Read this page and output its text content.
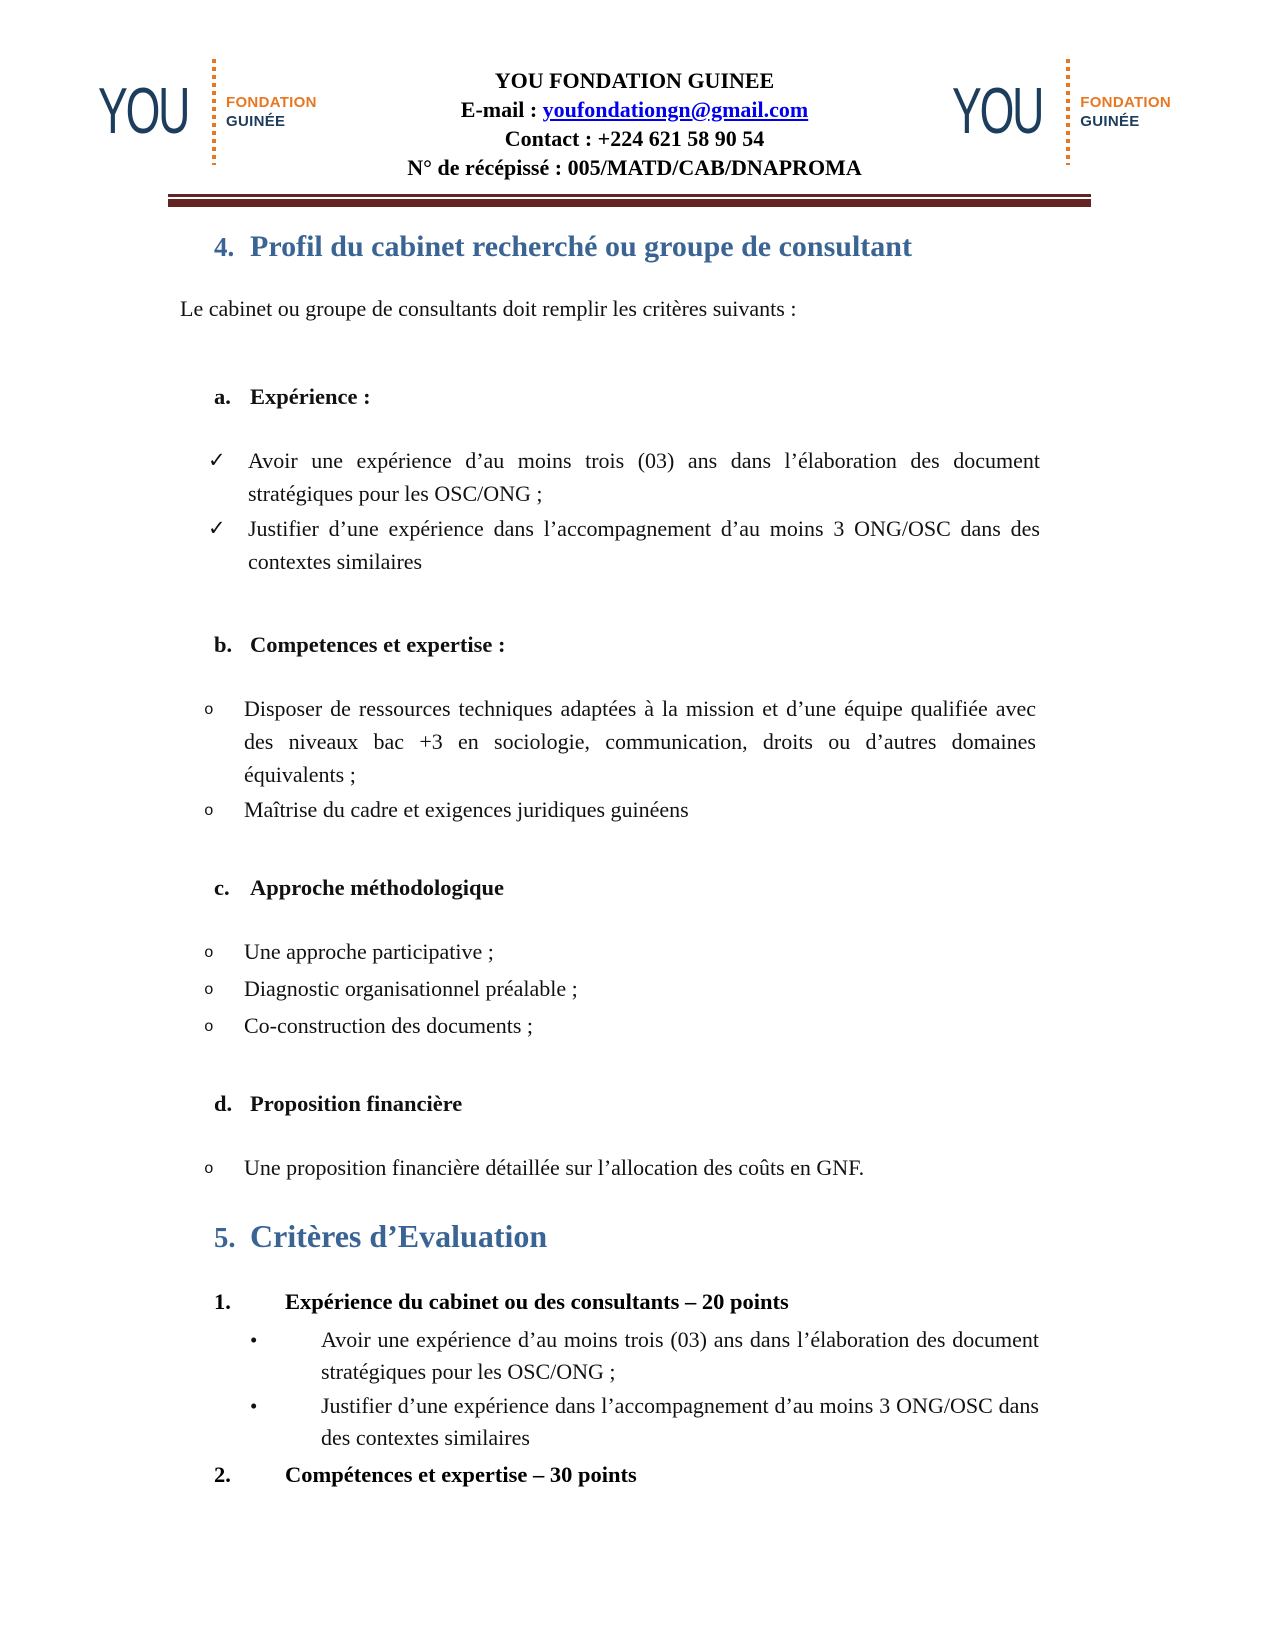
YOU	FONDATION
GUINÉE
YOU FONDATION GUINEE
E-mail : youfondationgn@gmail.com
Contact : +224 621 58 90 54
N° de récépissé : 005/MATD/CAB/DNAPROMA
YOU	FONDATION
GUINÉE
4. Profil du cabinet recherché ou groupe de consultant

Le cabinet ou groupe de consultants doit remplir les critères suivants :

a. Expérience :
✓	Avoir une expérience d’au moins trois (03) ans dans l’élaboration des document stratégiques pour les OSC/ONG ;
✓	Justifier d’une expérience dans l’accompagnement d’au moins 3 ONG/OSC dans des contextes similaires
b. Competences et expertise :
o	Disposer de ressources techniques adaptées à la mission et d’une équipe qualifiée avec des niveaux bac +3 en sociologie, communication, droits ou d’autres domaines équivalents ;
o	Maîtrise du cadre et exigences juridiques guinéens
c. Approche méthodologique
o	Une approche participative ;
o	Diagnostic organisationnel préalable ;
o	Co-construction des documents ;
d. Proposition financière
o	Une proposition financière détaillée sur l’allocation des coûts en GNF.
5. Critères d’Evaluation
1.	Expérience du cabinet ou des consultants – 20 points
•	Avoir une expérience d’au moins trois (03) ans dans l’élaboration des document stratégiques pour les OSC/ONG ;
•	Justifier d’une expérience dans l’accompagnement d’au moins 3 ONG/OSC dans des contextes similaires
2.	Compétences et expertise – 30 points
